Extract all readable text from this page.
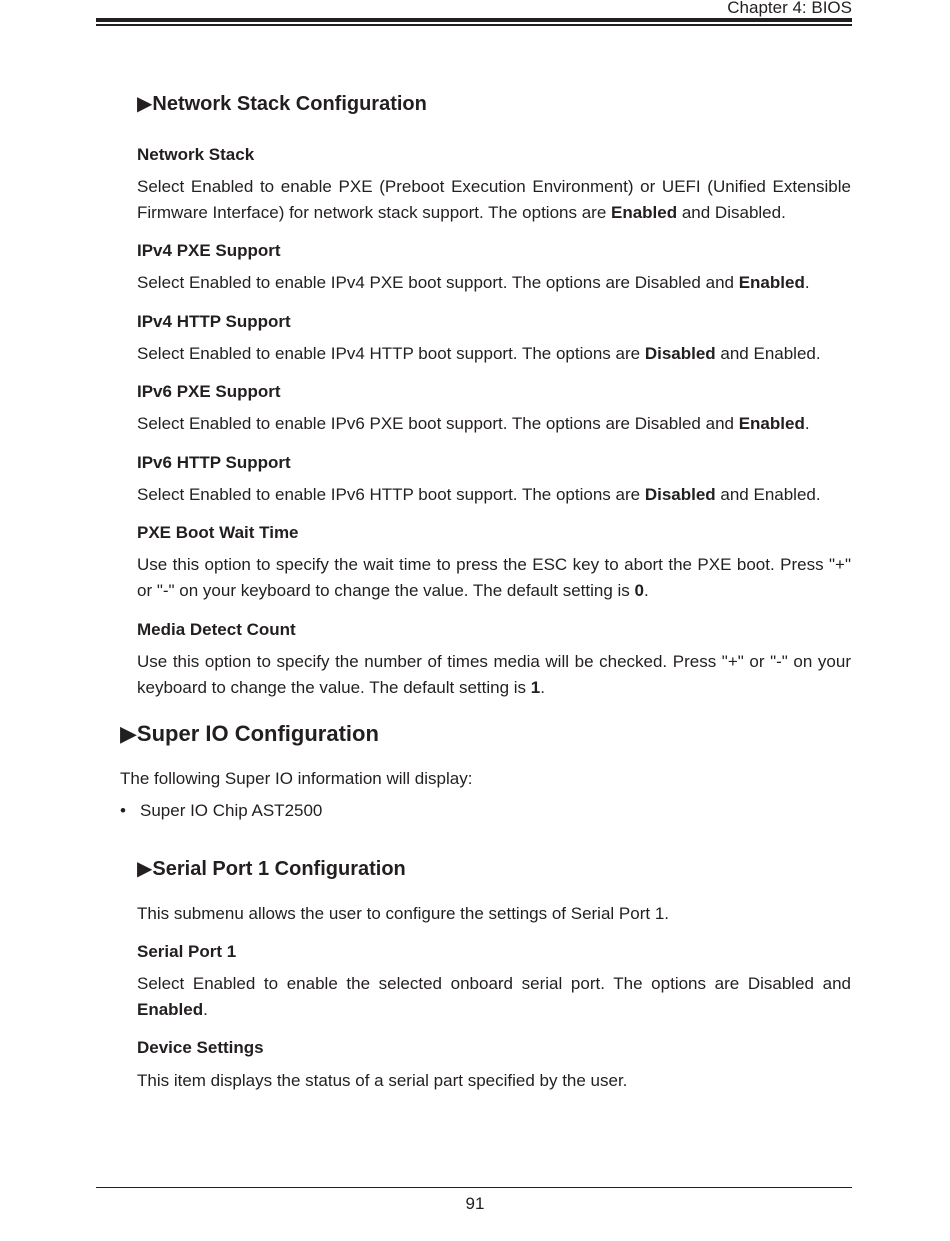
Chapter 4: BIOS
▶Network Stack Configuration
Network Stack
Select Enabled to enable PXE (Preboot Execution Environment) or UEFI (Unified Extensible Firmware Interface) for network stack support. The options are Enabled and Disabled.
IPv4 PXE Support
Select Enabled to enable IPv4 PXE boot support. The options are Disabled and Enabled.
IPv4 HTTP Support
Select Enabled to enable IPv4 HTTP boot support. The options are Disabled and Enabled.
IPv6 PXE Support
Select Enabled to enable IPv6 PXE boot support. The options are Disabled and Enabled.
IPv6 HTTP Support
Select Enabled to enable IPv6 HTTP boot support. The options are Disabled and Enabled.
PXE Boot Wait Time
Use this option to specify the wait time to press the ESC key to abort the PXE boot. Press "+" or "-" on your keyboard to change the value. The default setting is 0.
Media Detect Count
Use this option to specify the number of times media will be checked. Press "+" or "-" on your keyboard to change the value. The default setting is 1.
▶Super IO Configuration
The following Super IO information will display:
• Super IO Chip AST2500
▶Serial Port 1 Configuration
This submenu allows the user to configure the settings of Serial Port 1.
Serial Port 1
Select Enabled to enable the selected onboard serial port. The options are Disabled and Enabled.
Device Settings
This item displays the status of a serial part specified by the user.
91
